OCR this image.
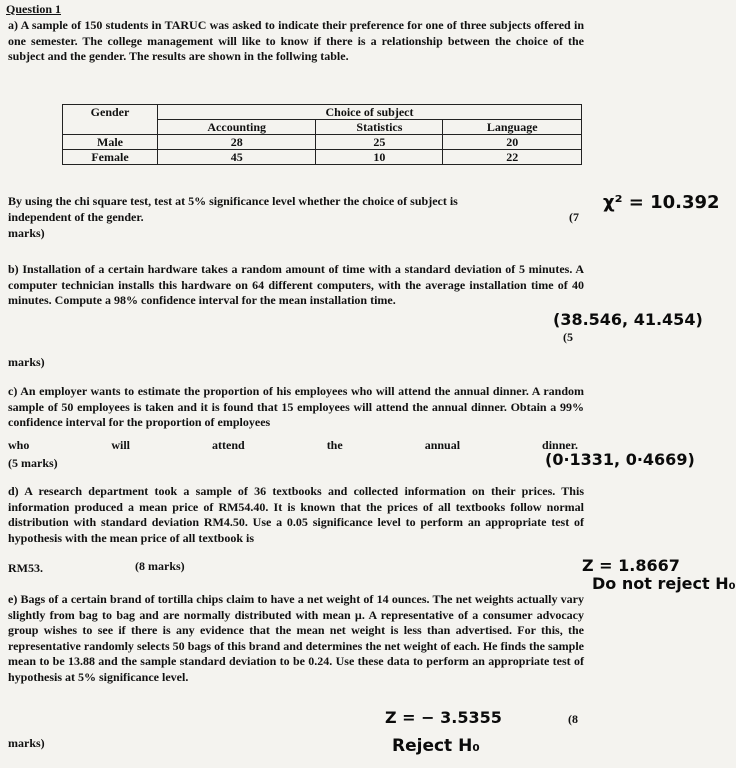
Question 1

a) A sample of 150 students in TARUC was asked to indicate their preference for one of three subjects offered in one semester. The college management will like to know if there is a relationship between the choice of the subject and the gender. The results are shown in the follwing table.

Gender	Choice of subject		
	Accounting	Statistics	Language
Male	28	25	20
Female	45	10	22
By using the chi square test, test at 5% significance level whether the choice of subject is
independent of the gender.	(7
marks)
χ² = 10.392

b) Installation of a certain hardware takes a random amount of time with a standard deviation of 5 minutes. A computer technician installs this hardware on 64 different computers, with the average installation time of 40 minutes. Compute a 98% confidence interval for the mean installation time.

(38.546, 41.454)
(5
marks)

c) An employer wants to estimate the proportion of his employees who will attend the annual dinner. A random sample of 50 employees is taken and it is found that 15 employees will attend the annual dinner. Obtain a 99% confidence interval for the proportion of employees

who	will	attend	the	annual	dinner.
(5 marks)	(0·1331, 0·4669)

d) A research department took a sample of 36 textbooks and collected information on their prices. This information produced a mean price of RM54.40. It is known that the prices of all textbooks follow normal distribution with standard deviation RM4.50. Use a 0.05 significance level to perform an appropriate test of hypothesis with the mean price of all textbook is

RM53.	(8 marks)	Z = 1.8667
Do not reject H₀

e) Bags of a certain brand of tortilla chips claim to have a net weight of 14 ounces. The net weights actually vary slightly from bag to bag and are normally distributed with mean µ. A representative of a consumer advocacy group wishes to see if there is any evidence that the mean net weight is less than advertised. For this, the representative randomly selects 50 bags of this brand and determines the net weight of each. He finds the sample mean to be 13.88 and the sample standard deviation to be 0.24. Use these data to perform an appropriate test of hypothesis at 5% significance level.

Z = − 3.5355	(8
marks)	Reject H₀
